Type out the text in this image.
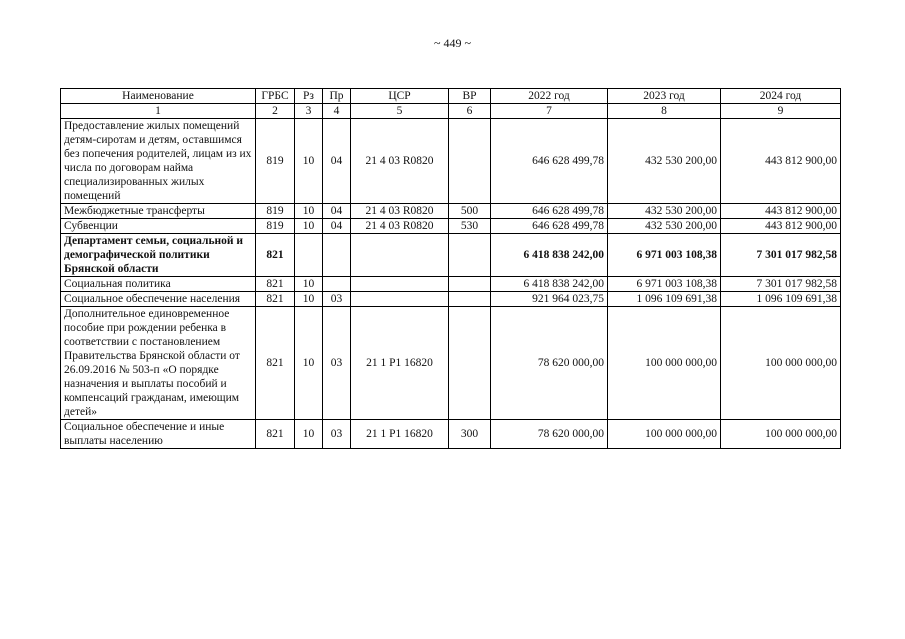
~ 449 ~
Наименование	ГРБС	Рз	Пр	ЦСР	ВР	2022 год	2023 год	2024 год
1	2	3	4	5	6	7	8	9
Предоставление жилых помещений детям-сиротам и детям, оставшимся без попечения родителей, лицам из их числа по договорам найма специализированных жилых помещений	819	10	04	21 4 03 R0820		646 628 499,78	432 530 200,00	443 812 900,00
Межбюджетные трансферты	819	10	04	21 4 03 R0820	500	646 628 499,78	432 530 200,00	443 812 900,00
Субвенции	819	10	04	21 4 03 R0820	530	646 628 499,78	432 530 200,00	443 812 900,00
Департамент семьи, социальной и демографической политики Брянской области	821					6 418 838 242,00	6 971 003 108,38	7 301 017 982,58
Социальная политика	821	10				6 418 838 242,00	6 971 003 108,38	7 301 017 982,58
Социальное обеспечение населения	821	10	03			921 964 023,75	1 096 109 691,38	1 096 109 691,38
Дополнительное единовременное пособие при рождении ребенка в соответствии с постановлением Правительства Брянской области от 26.09.2016 № 503-п «О порядке назначения и выплаты пособий и компенсаций гражданам, имеющим детей»	821	10	03	21 1 P1 16820		78 620 000,00	100 000 000,00	100 000 000,00
Социальное обеспечение и иные выплаты населению	821	10	03	21 1 P1 16820	300	78 620 000,00	100 000 000,00	100 000 000,00
